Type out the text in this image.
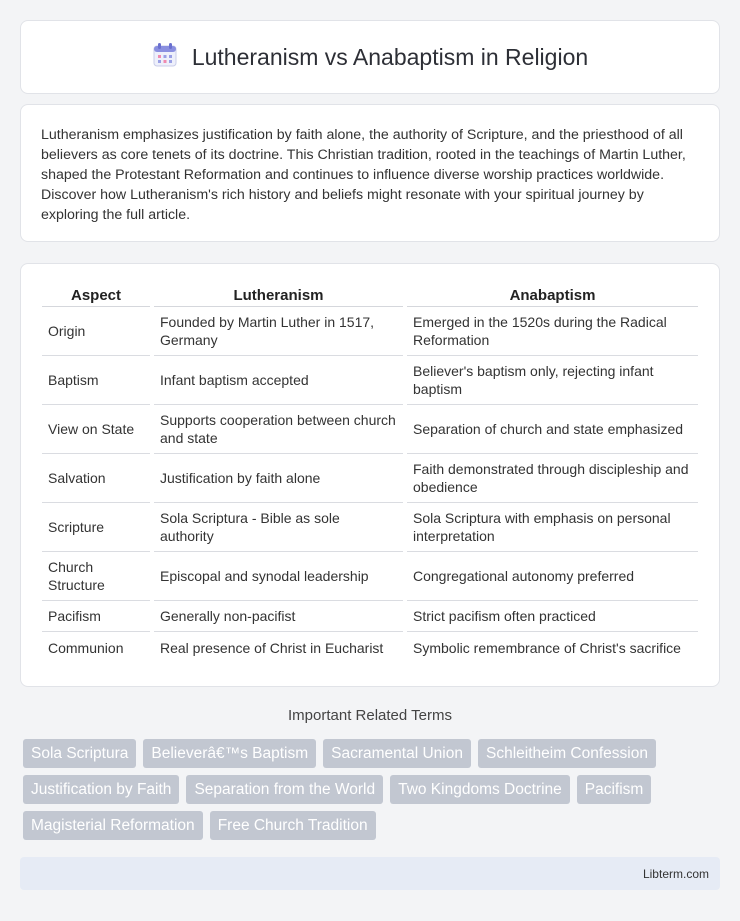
Lutheranism vs Anabaptism in Religion

Lutheranism emphasizes justification by faith alone, the authority of Scripture, and the priesthood of all believers as core tenets of its doctrine. This Christian tradition, rooted in the teachings of Martin Luther, shaped the Protestant Reformation and continues to influence diverse worship practices worldwide. Discover how Lutheranism's rich history and beliefs might resonate with your spiritual journey by exploring the full article.

Aspect	Lutheranism	Anabaptism
Origin	Founded by Martin Luther in 1517, Germany	Emerged in the 1520s during the Radical Reformation
Baptism	Infant baptism accepted	Believer's baptism only, rejecting infant baptism
View on State	Supports cooperation between church and state	Separation of church and state emphasized
Salvation	Justification by faith alone	Faith demonstrated through discipleship and obedience
Scripture	Sola Scriptura - Bible as sole authority	Sola Scriptura with emphasis on personal interpretation
Church Structure	Episcopal and synodal leadership	Congregational autonomy preferred
Pacifism	Generally non-pacifist	Strict pacifism often practiced
Communion	Real presence of Christ in Eucharist	Symbolic remembrance of Christ's sacrifice
Important Related Terms
Sola Scriptura	Believerâ€™s Baptism	Sacramental Union	Schleitheim Confession
Justification by Faith	Separation from the World	Two Kingdoms Doctrine	Pacifism
Magisterial Reformation	Free Church Tradition
Libterm.com
